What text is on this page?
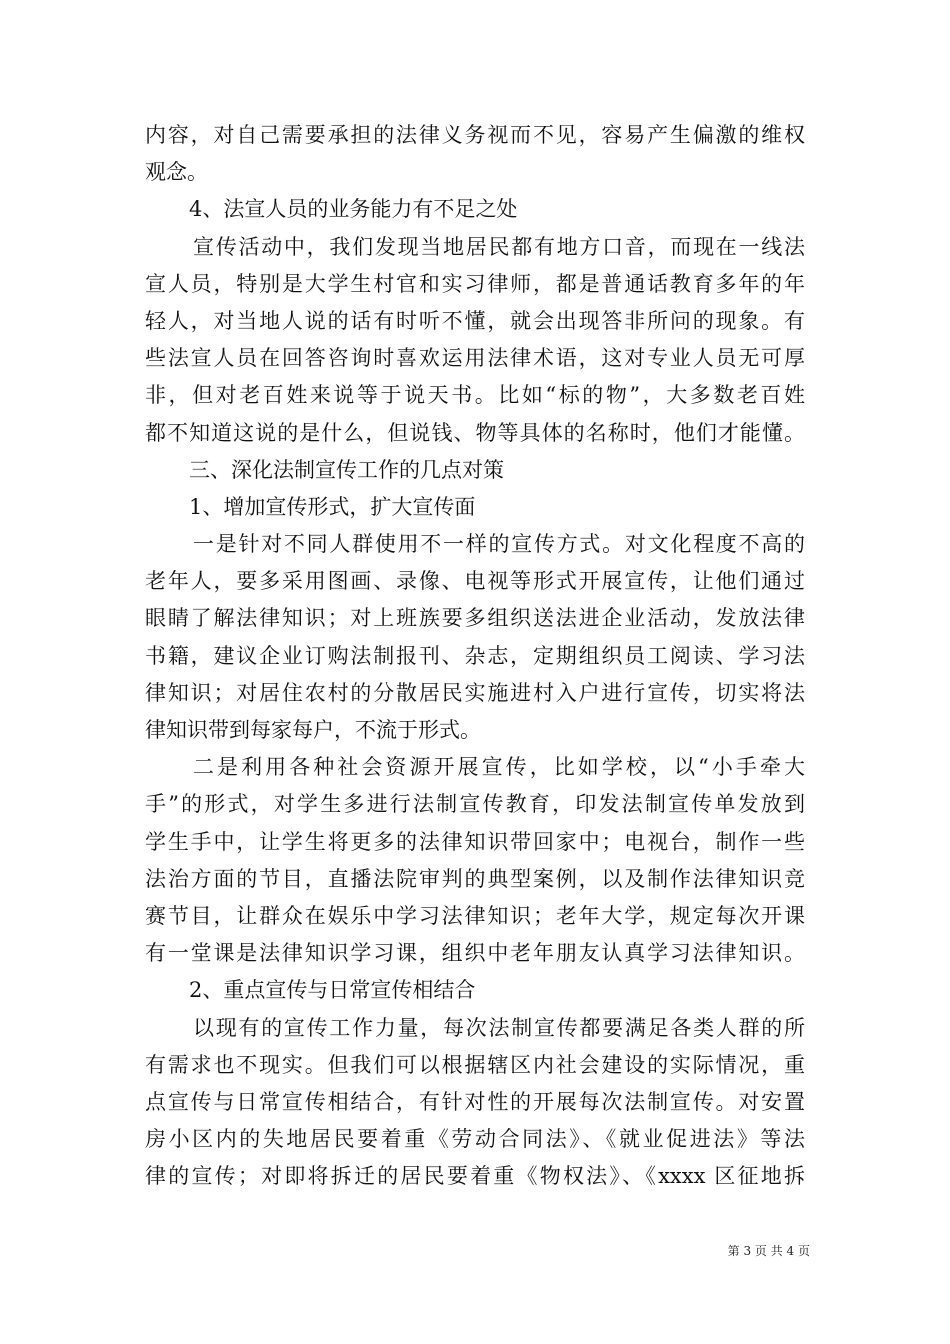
内容，对自己需要承担的法律义务视而不见，容易产生偏激的维权
观念。
4、法宣人员的业务能力有不足之处
宣传活动中，我们发现当地居民都有地方口音，而现在一线法
宣人员，特别是大学生村官和实习律师，都是普通话教育多年的年
轻人，对当地人说的话有时听不懂，就会出现答非所问的现象。有
些法宣人员在回答咨询时喜欢运用法律术语，这对专业人员无可厚
非，但对老百姓来说等于说天书。比如“标的物”，大多数老百姓
都不知道这说的是什么，但说钱、物等具体的名称时，他们才能懂。
三、深化法制宣传工作的几点对策
1、增加宣传形式，扩大宣传面
一是针对不同人群使用不一样的宣传方式。对文化程度不高的
老年人，要多采用图画、录像、电视等形式开展宣传，让他们通过
眼睛了解法律知识；对上班族要多组织送法进企业活动，发放法律
书籍，建议企业订购法制报刊、杂志，定期组织员工阅读、学习法
律知识；对居住农村的分散居民实施进村入户进行宣传，切实将法
律知识带到每家每户，不流于形式。
二是利用各种社会资源开展宣传，比如学校，以“小手牵大
手”的形式，对学生多进行法制宣传教育，印发法制宣传单发放到
学生手中，让学生将更多的法律知识带回家中；电视台，制作一些
法治方面的节目，直播法院审判的典型案例，以及制作法律知识竞
赛节目，让群众在娱乐中学习法律知识；老年大学，规定每次开课
有一堂课是法律知识学习课，组织中老年朋友认真学习法律知识。
2、重点宣传与日常宣传相结合
以现有的宣传工作力量，每次法制宣传都要满足各类人群的所
有需求也不现实。但我们可以根据辖区内社会建设的实际情况，重
点宣传与日常宣传相结合，有针对性的开展每次法制宣传。对安置
房小区内的失地居民要着重《劳动合同法》、《就业促进法》等法
律的宣传；对即将拆迁的居民要着重《物权法》、《xxxx 区征地拆
第 3 页 共 4 页
